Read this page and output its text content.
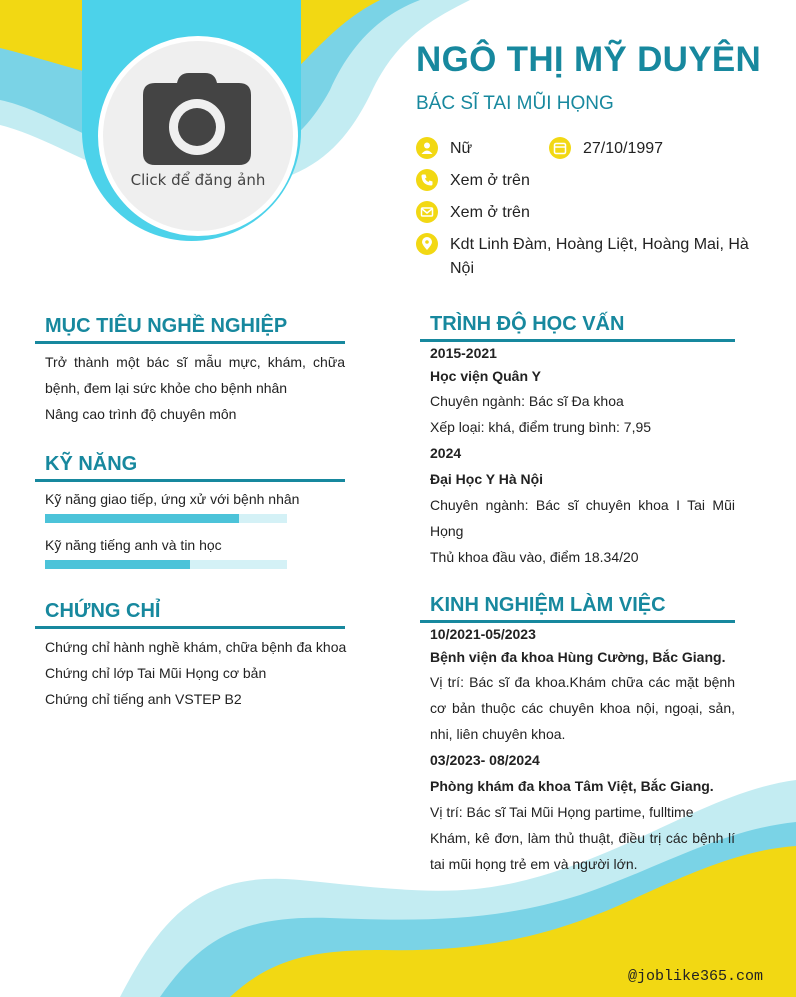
Click để đăng ảnh
NGÔ THỊ MỸ DUYÊN
BÁC SĨ TAI MŨI HỌNG
Nữ	27/10/1997
Xem ở trên
Xem ở trên
Kdt Linh Đàm, Hoàng Liệt, Hoàng Mai, Hà Nội
MỤC TIÊU NGHỀ NGHIỆP
Trở thành một bác sĩ mẫu mực, khám, chữa bệnh, đem lại sức khỏe cho bệnh nhân
Nâng cao trình độ chuyên môn
KỸ NĂNG
Kỹ năng giao tiếp, ứng xử với bệnh nhân
Kỹ năng tiếng anh và tin học
CHỨNG CHỈ
Chứng chỉ hành nghề khám, chữa bệnh đa khoa
Chứng chỉ lớp Tai Mũi Họng cơ bản
Chứng chỉ tiếng anh VSTEP B2
TRÌNH ĐỘ HỌC VẤN
2015-2021
Học viện Quân Y
Chuyên ngành: Bác sĩ Đa khoa
Xếp loại: khá, điểm trung bình: 7,95
2024
Đại Học Y Hà Nội
Chuyên ngành: Bác sĩ chuyên khoa I Tai Mũi Họng
Thủ khoa đầu vào, điểm 18.34/20
KINH NGHIỆM LÀM VIỆC
10/2021-05/2023
Bệnh viện đa khoa Hùng Cường, Bắc Giang.
Vị trí: Bác sĩ đa khoa.Khám chữa các mặt bệnh cơ bản thuộc các chuyên khoa nội, ngoại, sản, nhi, liên chuyên khoa.
03/2023- 08/2024
Phòng khám đa khoa Tâm Việt, Bắc Giang.
Vị trí: Bác sĩ Tai Mũi Họng partime, fulltime
Khám, kê đơn, làm thủ thuật, điều trị các bệnh lí tai mũi họng trẻ em và người lớn.
@joblike365.com
